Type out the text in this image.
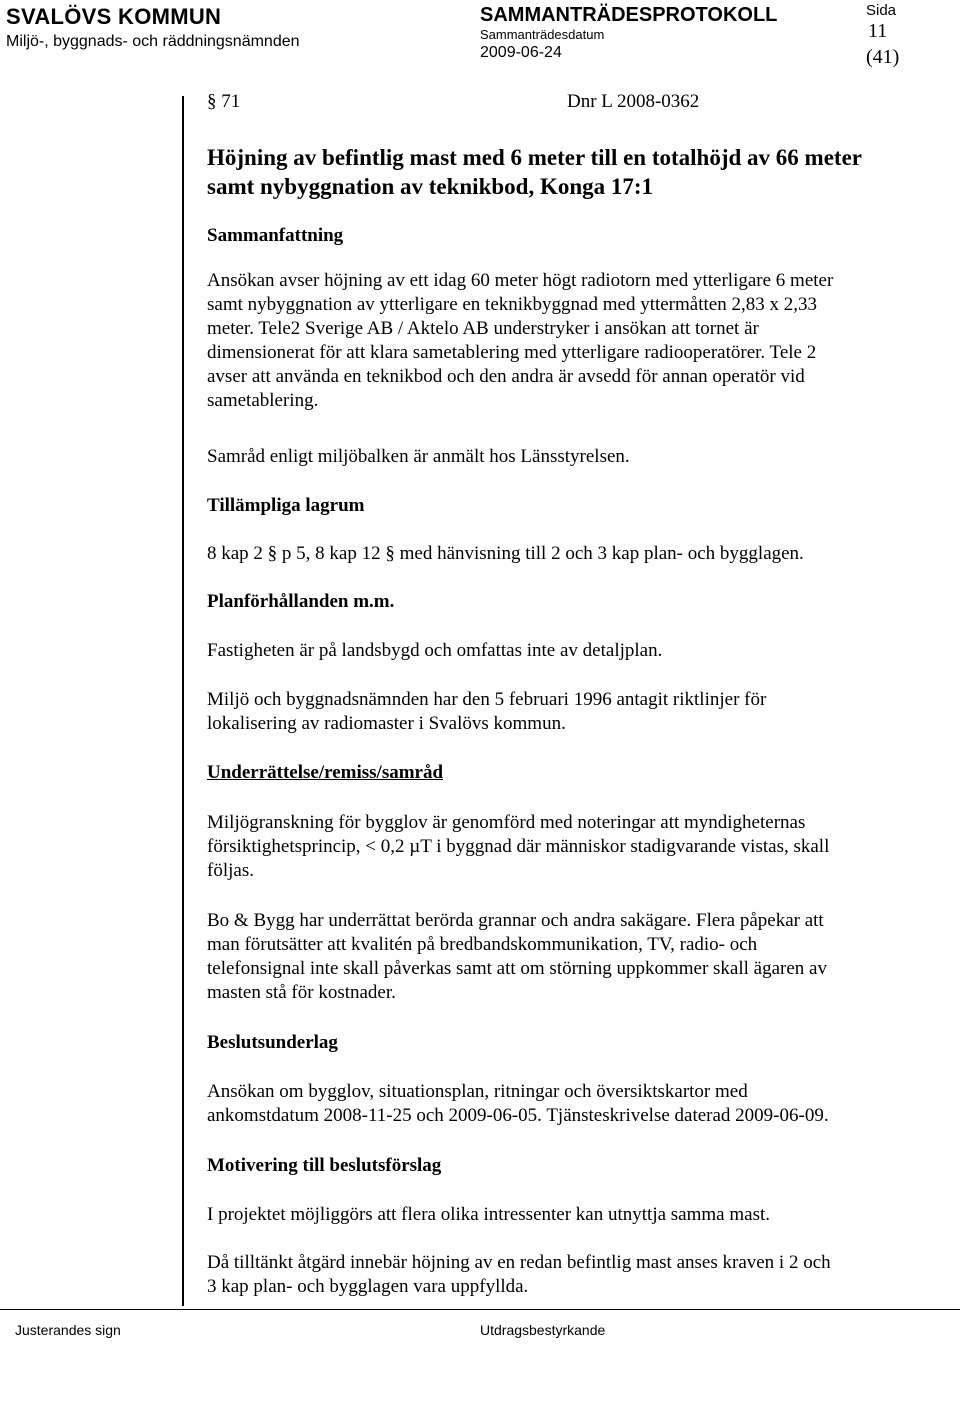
SVALÖVS KOMMUN
Miljö-, byggnads- och räddningsnämnden
SAMMANTRÄDESPROTOKOLL
Sammanträdesdatum
2009-06-24
Sida
11
(41)
§ 71	Dnr L 2008-0362
Höjning av befintlig mast med 6 meter till en totalhöjd av 66 meter
samt nybyggnation av teknikbod, Konga 17:1
Sammanfattning

Ansökan avser höjning av ett idag 60 meter högt radiotorn med ytterligare 6 meter
samt nybyggnation av ytterligare en teknikbyggnad med yttermåtten 2,83 x 2,33
meter. Tele2 Sverige AB / Aktelo AB understryker i ansökan att tornet är
dimensionerat för att klara sametablering med ytterligare radiooperatörer. Tele 2
avser att använda en teknikbod och den andra är avsedd för annan operatör vid
sametablering.

Samråd enligt miljöbalken är anmält hos Länsstyrelsen.

Tillämpliga lagrum

8 kap 2 § p 5, 8 kap 12 § med hänvisning till 2 och 3 kap plan- och bygglagen.

Planförhållanden m.m.

Fastigheten är på landsbygd och omfattas inte av detaljplan.

Miljö och byggnadsnämnden har den 5 februari 1996 antagit riktlinjer för
lokalisering av radiomaster i Svalövs kommun.

Underrättelse/remiss/samråd

Miljögranskning för bygglov är genomförd med noteringar att myndigheternas
försiktighetsprincip, < 0,2 µT i byggnad där människor stadigvarande vistas, skall
följas.

Bo & Bygg har underrättat berörda grannar och andra sakägare. Flera påpekar att
man förutsätter att kvalitén på bredbandskommunikation, TV, radio- och
telefonsignal inte skall påverkas samt att om störning uppkommer skall ägaren av
masten stå för kostnader.

Beslutsunderlag

Ansökan om bygglov, situationsplan, ritningar och översiktskartor med
ankomstdatum 2008-11-25 och 2009-06-05. Tjänsteskrivelse daterad 2009-06-09.

Motivering till beslutsförslag

I projektet möjliggörs att flera olika intressenter kan utnyttja samma mast.

Då tilltänkt åtgärd innebär höjning av en redan befintlig mast anses kraven i 2 och
3 kap plan- och bygglagen vara uppfyllda.

Justerandes sign	Utdragsbestyrkande
